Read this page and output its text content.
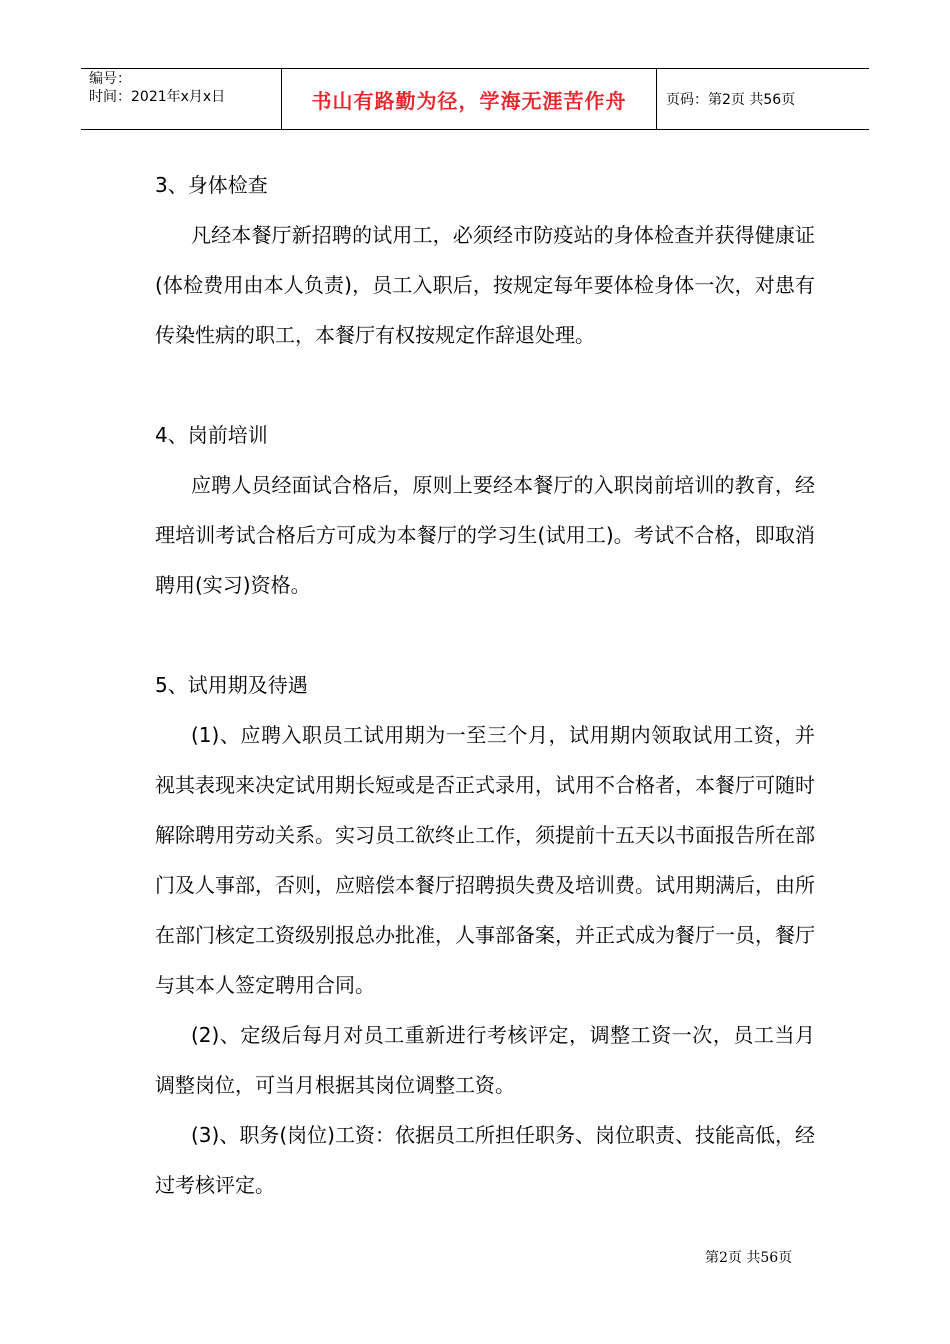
编号：
时间：2021年x月x日	书山有路勤为径，学海无涯苦作舟	页码：第2页 共56页

3、身体检查

凡经本餐厅新招聘的试用工，必须经市防疫站的身体检查并获得健康证(体检费用由本人负责)，员工入职后，按规定每年要体检身体一次，对患有传染性病的职工，本餐厅有权按规定作辞退处理。

4、岗前培训

应聘人员经面试合格后，原则上要经本餐厅的入职岗前培训的教育，经理培训考试合格后方可成为本餐厅的学习生(试用工)。考试不合格，即取消聘用(实习)资格。

5、试用期及待遇

(1)、应聘入职员工试用期为一至三个月，试用期内领取试用工资，并视其表现来决定试用期长短或是否正式录用，试用不合格者，本餐厅可随时解除聘用劳动关系。实习员工欲终止工作，须提前十五天以书面报告所在部门及人事部，否则，应赔偿本餐厅招聘损失费及培训费。试用期满后，由所在部门核定工资级别报总办批准，人事部备案，并正式成为餐厅一员，餐厅与其本人签定聘用合同。

(2)、定级后每月对员工重新进行考核评定，调整工资一次，员工当月调整岗位，可当月根据其岗位调整工资。

(3)、职务(岗位)工资：依据员工所担任职务、岗位职责、技能高低，经过考核评定。

第2页 共56页
